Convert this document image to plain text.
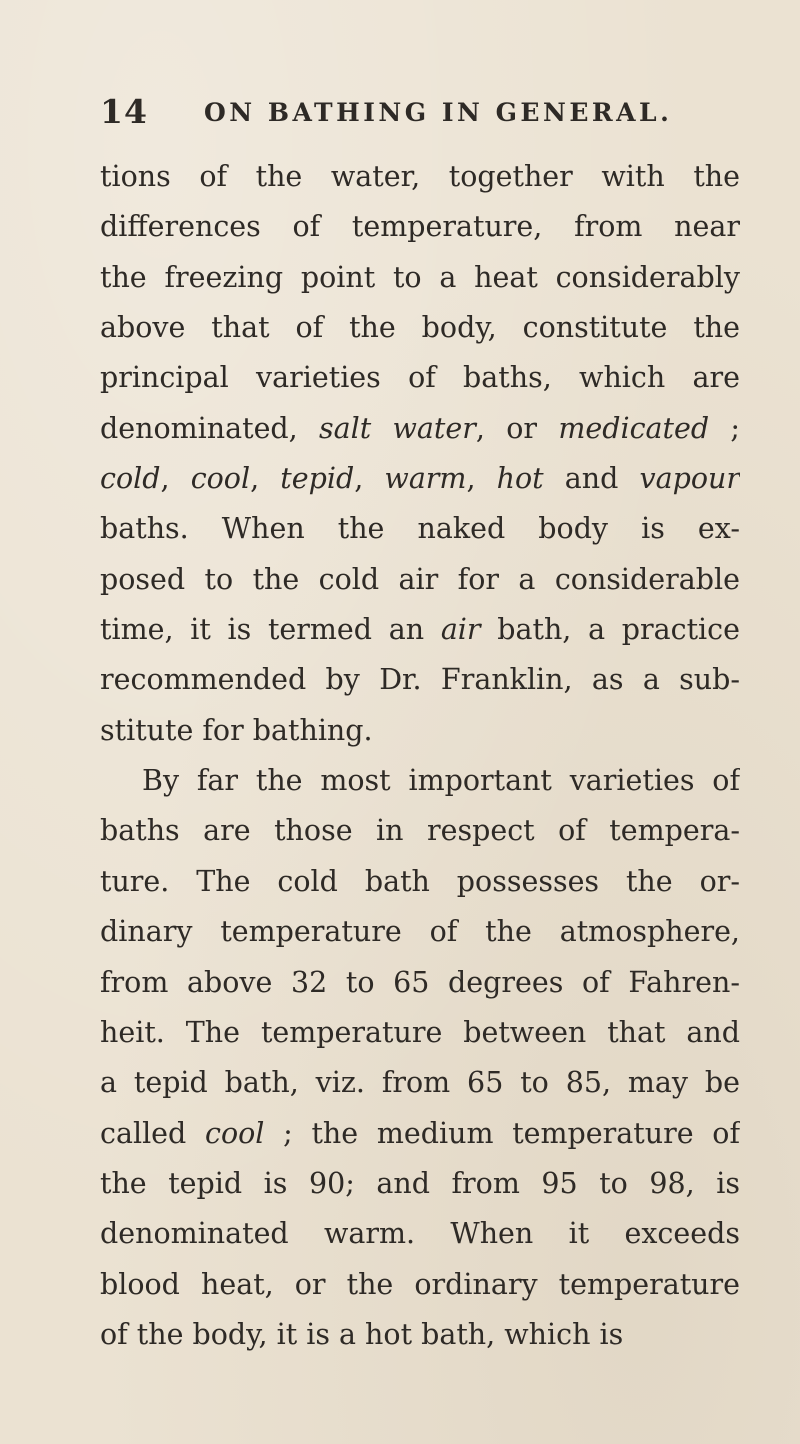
14 ON BATHING IN GENERAL.
tions of the water, together with the
differences of temperature, from near
the freezing point to a heat considerably
above that of the body, constitute the
principal varieties of baths, which are
denominated, salt water, or medicated ;
cold, cool, tepid, warm, hot and vapour
baths. When the naked body is ex-
posed to the cold air for a considerable
time, it is termed an air bath, a practice
recommended by Dr. Franklin, as a sub-
stitute for bathing.
By far the most important varieties of
baths are those in respect of tempera-
ture. The cold bath possesses the or-
dinary temperature of the atmosphere,
from above 32 to 65 degrees of Fahren-
heit. The temperature between that and
a tepid bath, viz. from 65 to 85, may be
called cool ; the medium temperature of
the tepid is 90; and from 95 to 98, is
denominated warm. When it exceeds
blood heat, or the ordinary temperature
of the body, it is a hot bath, which is
